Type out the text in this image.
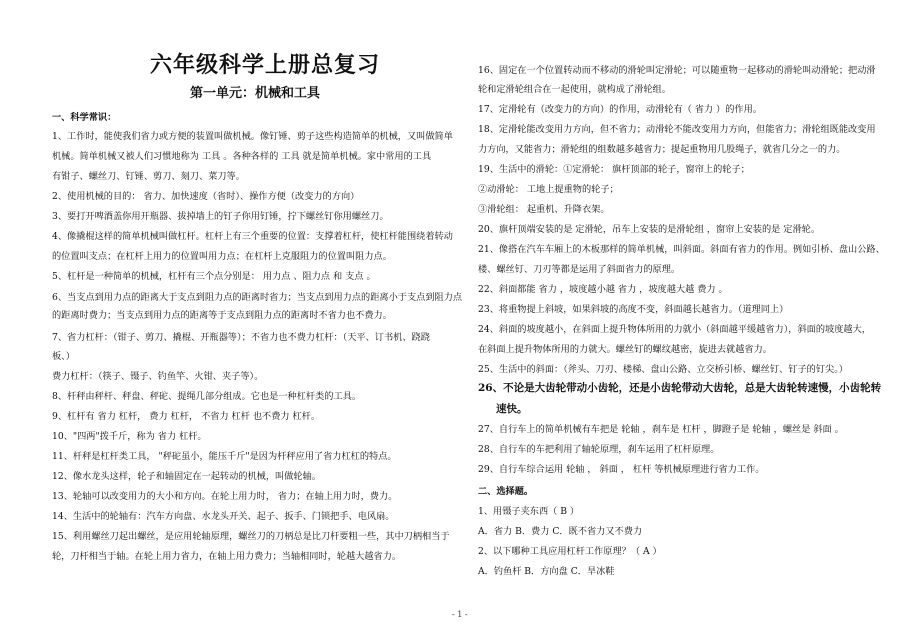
六年级科学上册总复习
第一单元：机械和工具
一、科学常识：
1、工作时，能使我们省力或方便的装置叫做机械。像钉锤、剪子这些构造简单的机械，又叫做简单
机械。简单机械又被人们习惯地称为 工具 。各种各样的 工具 就是简单机械。家中常用的工具
有钳子、螺丝刀、钉锤、剪刀、刻刀、菜刀等。
2、使用机械的目的： 省力、加快速度（省时）、操作方便（改变力的方向）
3、要打开啤酒盖你用开瓶器、拔掉墙上的钉子你用钉锤，拧下螺丝钉你用螺丝刀。
4、像撬棍这样的简单机械叫做杠杆。杠杆上有三个重要的位置：支撑着杠杆，使杠杆能围绕着转动
的位置叫支点；在杠杆上用力的位置叫用力点；在杠杆上克服阻力的位置叫阻力点。
5、杠杆是一种简单的机械，杠杆有三个点分别是： 用力点 、阻力点 和 支点 。
6、当支点到用力点的距离大于支点到阻力点的距离时省力；当支点到用力点的距离小于支点到阻力点
的距离时费力；当支点到用力点的距离等于支点到阻力点的距离时不省力也不费力。
7、省力杠杆：（钳子、剪刀、撬棍、开瓶器等）；不省力也不费力杠杆：（天平、订书机、跷跷
板、）
费力杠杆：（筷子、镊子、钓鱼竿、火钳、夹子等）。
8、杆秤由秤杆、秤盘、秤砣、提绳几部分组成。它也是一种杠杆类的工具。
9、杠杆有 省力 杠杆， 费力 杠杆， 不省力 杠杆 也不费力 杠杆。
10、"四两"拨千斤，称为 省力 杠杆。
11、杆秤是杠杆类工具， "秤砣虽小，能压千斤"是因为杆秤应用了省力杠杠的特点。
12、像水龙头这样，轮子和轴固定在一起转动的机械，叫做轮轴。
13、轮轴可以改变用力的大小和方向。在轮上用力时， 省力；在轴上用力时，费力。
14、生活中的轮轴有：汽车方向盘、水龙头开关、起子、扳手、门锁把手、电风扇。
15、利用螺丝刀起出螺丝，是应用轮轴原理，螺丝刀的刀柄总是比刀杆要粗一些，其中刀柄相当于
轮，刀杆相当于轴。在轮上用力省力，在轴上用力费力；当轴相同时，轮越大越省力。
16、固定在一个位置转动而不移动的滑轮叫定滑轮；可以随重物一起移动的滑轮叫动滑轮；把动滑
轮和定滑轮组合在一起使用，就构成了滑轮组。
17、定滑轮有（改变力的方向）的作用，动滑轮有（ 省力 ）的作用。
18、定滑轮能改变用力方向，但不省力；动滑轮不能改变用力方向，但能省力；滑轮组既能改变用
力方向，又能省力；滑轮组的组数越多越省力；提起重物用几股绳子，就省几分之一的力。
19、生活中的滑轮：①定滑轮： 旗杆顶部的轮子，窗帘上的轮子；
②动滑轮： 工地上提重物的轮子；
③滑轮组： 起重机、升降衣架。
20、旗杆顶端安装的是 定滑轮，吊车上安装的是滑轮组 ，窗帘上安装的是 定滑轮。
21、像搭在汽车车厢上的木板那样的简单机械，叫斜面。斜面有省力的作用。例如引桥、盘山公路、
楼、螺丝钉、刀刃等都是运用了斜面省力的原理。
22、斜面都能 省力 ，坡度越小越 省力 ，坡度越大越 费力 。
23、将重物提上斜坡，如果斜坡的高度不变，斜面越长越省力。（道理同上）
24、斜面的坡度越小，在斜面上提升物体所用的力就小（斜面越平缓越省力），斜面的坡度越大，
在斜面上提升物体所用的力就大。螺丝钉的螺纹越密，旋进去就越省力。
25、生活中的斜面：（斧头、刀刃、楼梯、盘山公路、立交桥引桥、螺丝钉、钉子的钉尖。）
26、不论是大齿轮带动小齿轮，还是小齿轮带动大齿轮，总是大齿轮转速慢，小齿轮转
速快。
27、自行车上的简单机械有车把是 轮轴 ，刹车是 杠杆 ，脚蹬子是 轮轴 ，螺丝是 斜面 。
28、自行车的车把利用了轴轮原理，刹车运用了杠杆原理。
29、自行车综合运用 轮轴 ， 斜面 ， 杠杆 等机械原理进行省力工作。
二、选择题。
1、用镊子夹东西（ B ）
A．省力 B．费力 C．既不省力又不费力
2、以下哪种工具应用杠杆工作原理？（ A ）
A．钓鱼杆 B．方向盘 C．旱冰鞋
- 1 -
